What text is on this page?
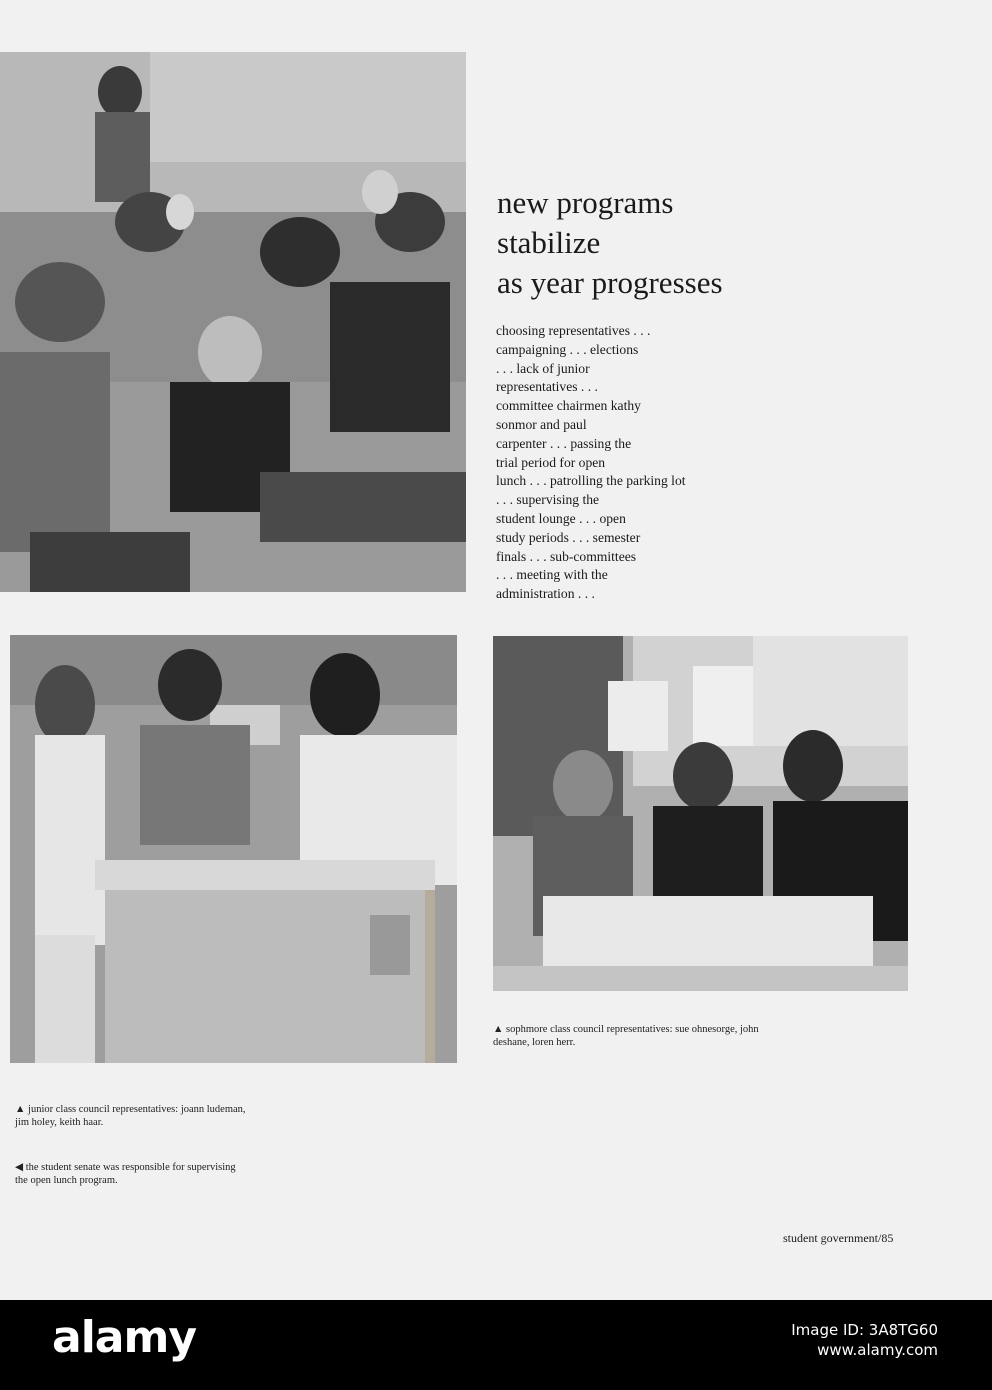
new programs
stabilize
as year progresses
choosing representatives . . .
campaigning . . . elections
. . . lack of junior
representatives . . .
committee chairmen kathy
sonmor and paul
carpenter . . . passing the
trial period for open
lunch . . . patrolling the parking lot
. . . supervising the
student lounge . . . open
study periods . . . semester
finals . . . sub-committees
. . . meeting with the
administration . . .
▲ sophmore class council representatives: sue ohnesorge, john
deshane, loren herr.
▲ junior class council representatives: joann ludeman,
jim holey, keith haar.
◀ the student senate was responsible for supervising
the open lunch program.
student government/85
alamy	Image ID: 3A8TG60
www.alamy.com
